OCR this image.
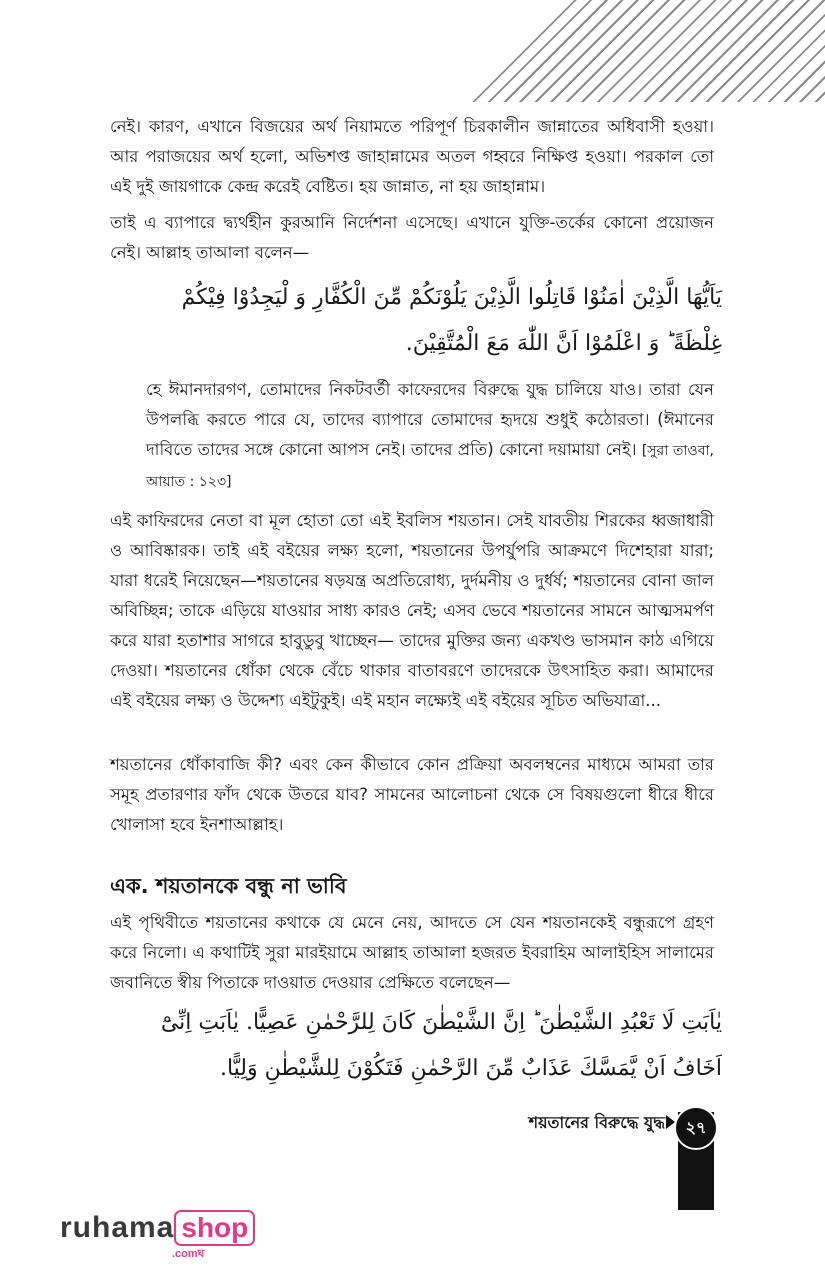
নেই। কারণ, এখানে বিজয়ের অর্থ নিয়ামতে পরিপূর্ণ চিরকালীন জান্নাতের অধিবাসী হওয়া। আর পরাজয়ের অর্থ হলো, অভিশপ্ত জাহান্নামের অতল গহ্বরে নিক্ষিপ্ত হওয়া। পরকাল তো এই দুই জায়গাকে কেন্দ্র করেই বেষ্টিত। হয় জান্নাত, না হয় জাহান্নাম।

তাই এ ব্যাপারে দ্ব্যর্থহীন কুরআনি নির্দেশনা এসেছে। এখানে যুক্তি-তর্কের কোনো প্রয়োজন নেই। আল্লাহ তাআলা বলেন—

يَاَيُّهَا الَّذِيْنَ اٰمَنُوْا قَاتِلُوا الَّذِيْنَ يَلُوْنَكُمْ مِّنَ الْكُفَّارِ وَ لْيَجِدُوْا فِيْكُمْ

غِلْظَةً ؕ وَ اعْلَمُوْا اَنَّ اللّٰهَ مَعَ الْمُتَّقِيْنَ.

হে ঈমানদারগণ, তোমাদের নিকটবর্তী কাফেরদের বিরুদ্ধে যুদ্ধ চালিয়ে যাও। তারা যেন উপলব্ধি করতে পারে যে, তাদের ব্যাপারে তোমাদের হৃদয়ে শুধুই কঠোরতা। (ঈমানের দাবিতে তাদের সঙ্গে কোনো আপস নেই। তাদের প্রতি) কোনো দয়ামায়া নেই। [সুরা তাওবা, আয়াত : ১২৩]

এই কাফিরদের নেতা বা মূল হোতা তো এই ইবলিস শয়তান। সেই যাবতীয় শিরকের ধ্বজাধারী ও আবিষ্কারক। তাই এই বইয়ের লক্ষ্য হলো, শয়তানের উপর্যুপরি আক্রমণে দিশেহারা যারা; যারা ধরেই নিয়েছেন—শয়তানের ষড়যন্ত্র অপ্রতিরোধ্য, দুর্দমনীয় ও দুর্ধর্ষ; শয়তানের বোনা জাল অবিচ্ছিন্ন; তাকে এড়িয়ে যাওয়ার সাধ্য কারও নেই; এসব ভেবে শয়তানের সামনে আত্মসমর্পণ করে যারা হতাশার সাগরে হাবুডুবু খাচ্ছেন— তাদের মুক্তির জন্য একখণ্ড ভাসমান কাঠ এগিয়ে দেওয়া। শয়তানের ধোঁকা থেকে বেঁচে থাকার বাতাবরণে তাদেরকে উৎসাহিত করা। আমাদের এই বইয়ের লক্ষ্য ও উদ্দেশ্য এইটুকুই। এই মহান লক্ষ্যেই এই বইয়ের সূচিত অভিযাত্রা...

শয়তানের ধোঁকাবাজি কী? এবং কেন কীভাবে কোন প্রক্রিয়া অবলম্বনের মাধ্যমে আমরা তার সমূহ প্রতারণার ফাঁদ থেকে উতরে যাব? সামনের আলোচনা থেকে সে বিষয়গুলো ধীরে ধীরে খোলাসা হবে ইনশাআল্লাহ।

এক. শয়তানকে বন্ধু না ভাবি

এই পৃথিবীতে শয়তানের কথাকে যে মেনে নেয়, আদতে সে যেন শয়তানকেই বন্ধুরূপে গ্রহণ করে নিলো। এ কথাটিই সুরা মারইয়ামে আল্লাহ তাআলা হজরত ইবরাহিম আলাইহিস সালামের জবানিতে স্বীয় পিতাকে দাওয়াত দেওয়ার প্রেক্ষিতে বলেছেন—

يٰاَبَتِ لَا تَعْبُدِ الشَّيْطٰنَ ؕ اِنَّ الشَّيْطٰنَ كَانَ لِلرَّحْمٰنِ عَصِيًّا. يٰاَبَتِ اِنِّىْٓ

اَخَافُ اَنْ يَّمَسَّكَ عَذَابٌ مِّنَ الرَّحْمٰنِ فَتَكُوْنَ لِلشَّيْطٰنِ وَلِيًّا.

শয়তানের বিরুদ্ধে যুদ্ধ	২৭
ruhama shop
.comঘ
